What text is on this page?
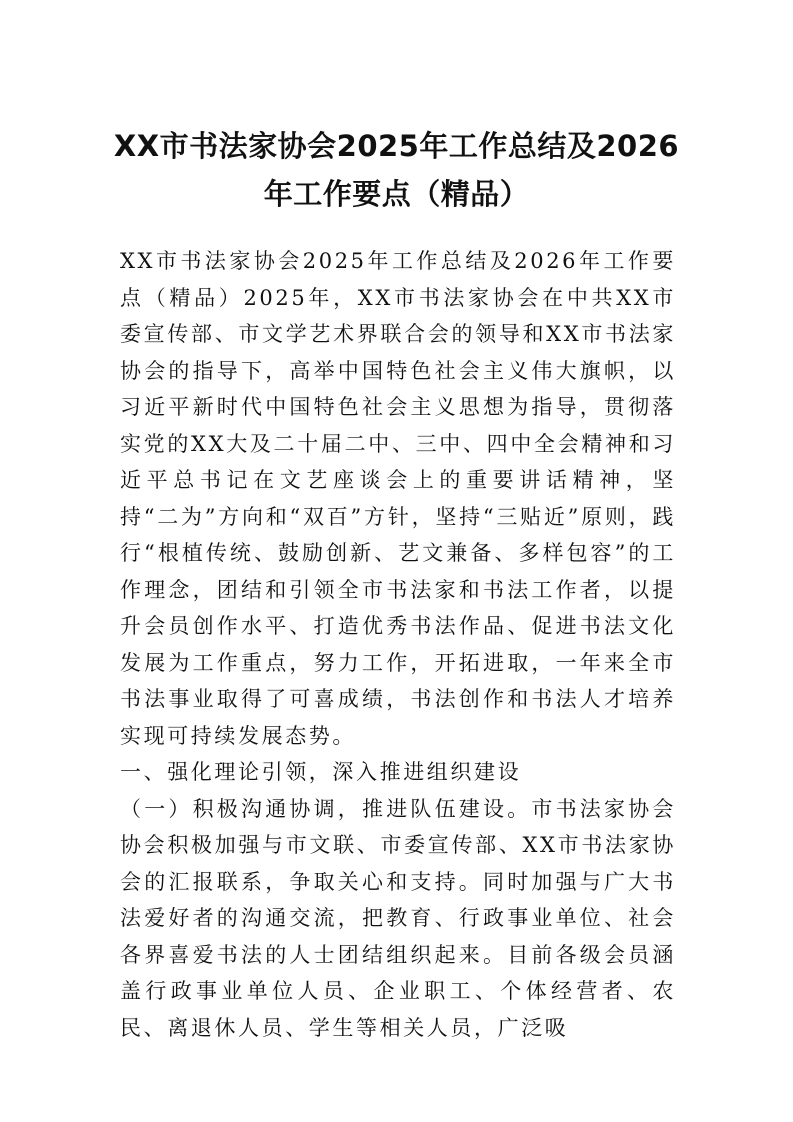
XX市书法家协会2025年工作总结及2026
年工作要点（精品）

XX市书法家协会2025年工作总结及2026年工作要点（精品）2025年，XX市书法家协会在中共XX市委宣传部、市文学艺术界联合会的领导和XX市书法家协会的指导下，高举中国特色社会主义伟大旗帜，以习近平新时代中国特色社会主义思想为指导，贯彻落实党的XX大及二十届二中、三中、四中全会精神和习近平总书记在文艺座谈会上的重要讲话精神，坚持“二为”方向和“双百”方针，坚持“三贴近”原则，践行“根植传统、鼓励创新、艺文兼备、多样包容”的工作理念，团结和引领全市书法家和书法工作者，以提升会员创作水平、打造优秀书法作品、促进书法文化发展为工作重点，努力工作，开拓进取，一年来全市书法事业取得了可喜成绩，书法创作和书法人才培养实现可持续发展态势。

一、强化理论引领，深入推进组织建设

（一）积极沟通协调，推进队伍建设。市书法家协会协会积极加强与市文联、市委宣传部、XX市书法家协会的汇报联系，争取关心和支持。同时加强与广大书法爱好者的沟通交流，把教育、行政事业单位、社会各界喜爱书法的人士团结组织起来。目前各级会员涵盖行政事业单位人员、企业职工、个体经营者、农民、离退休人员、学生等相关人员，广泛吸
